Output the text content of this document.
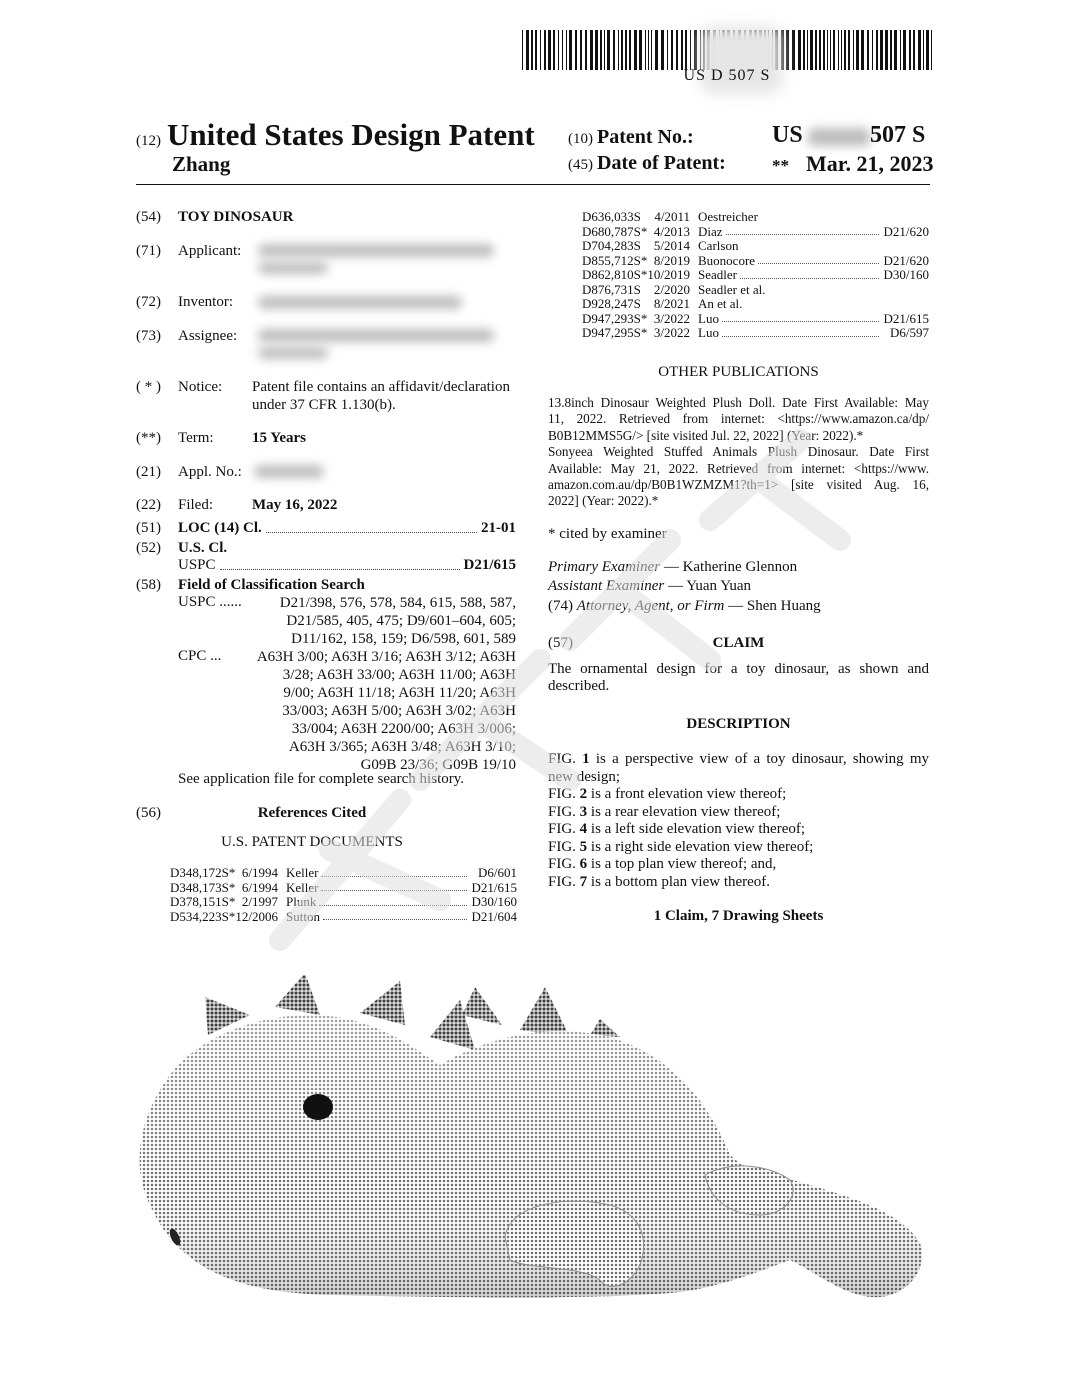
US D 507 S
(12) United States Design Patent
Zhang
(10) Patent No.:	US	507 S
(45) Date of Patent:	** Mar. 21, 2023
(54) TOY DINOSAUR
(71) Applicant:
(72) Inventor:
(73) Assignee:
( * ) Notice: Patent file contains an affidavit/declaration
under 37 CFR 1.130(b).
(**) Term:	15 Years
(21) Appl. No.:
(22) Filed:	May 16, 2022
(51) LOC (14) Cl.	21-01
(52) U.S. Cl.
USPC	D21/615
(58) Field of Classification Search
USPC ......	D21/398, 576, 578, 584, 615, 588, 587,
D21/585, 405, 475; D9/601–604, 605;
D11/162, 158, 159; D6/598, 601, 589
CPC ...	A63H 3/00; A63H 3/16; A63H 3/12; A63H
3/28; A63H 33/00; A63H 11/00; A63H
9/00; A63H 11/18; A63H 11/20; A63H
33/003; A63H 5/00; A63H 3/02; A63H
33/004; A63H 2200/00; A63H 3/006;
A63H 3/365; A63H 3/48; A63H 3/10;
G09B 23/36; G09B 19/10
See application file for complete search history.
(56)	References Cited
U.S. PATENT DOCUMENTS
D348,172	S	*	6/1994	Keller	D6/601
D348,173	S	*	6/1994	Keller	D21/615
D378,151	S	*	2/1997	Plunk	D30/160
D534,223	S	*	12/2006	Sutton	D21/604
D636,033	S		4/2011	Oestreicher	
D680,787	S	*	4/2013	Diaz	D21/620
D704,283	S		5/2014	Carlson	
D855,712	S	*	8/2019	Buonocore	D21/620
D862,810	S	*	10/2019	Seadler	D30/160
D876,731	S		2/2020	Seadler et al.	
D928,247	S		8/2021	An et al.	
D947,293	S	*	3/2022	Luo	D21/615
D947,295	S	*	3/2022	Luo	D6/597
OTHER PUBLICATIONS
13.8inch Dinosaur Weighted Plush Doll. Date First Available: May
11, 2022. Retrieved from internet: <https://www.amazon.ca/dp/
B0B12MMS5G/> [site visited Jul. 22, 2022] (Year: 2022).*
Sonyeea Weighted Stuffed Animals Plush Dinosaur. Date First
Available: May 21, 2022. Retrieved from internet: <https://www.
amazon.com.au/dp/B0B1WZMZM1?th=1> [site visited Aug. 16,
2022] (Year: 2022).*
* cited by examiner
Primary Examiner — Katherine Glennon
Assistant Examiner — Yuan Yuan
(74) Attorney, Agent, or Firm — Shen Huang
(57)	CLAIM
The ornamental design for a toy dinosaur, as shown and
described.
DESCRIPTION
FIG. 1 is a perspective view of a toy dinosaur, showing my
new design;
FIG. 2 is a front elevation view thereof;
FIG. 3 is a rear elevation view thereof;
FIG. 4 is a left side elevation view thereof;
FIG. 5 is a right side elevation view thereof;
FIG. 6 is a top plan view thereof; and,
FIG. 7 is a bottom plan view thereof.
1 Claim, 7 Drawing Sheets
